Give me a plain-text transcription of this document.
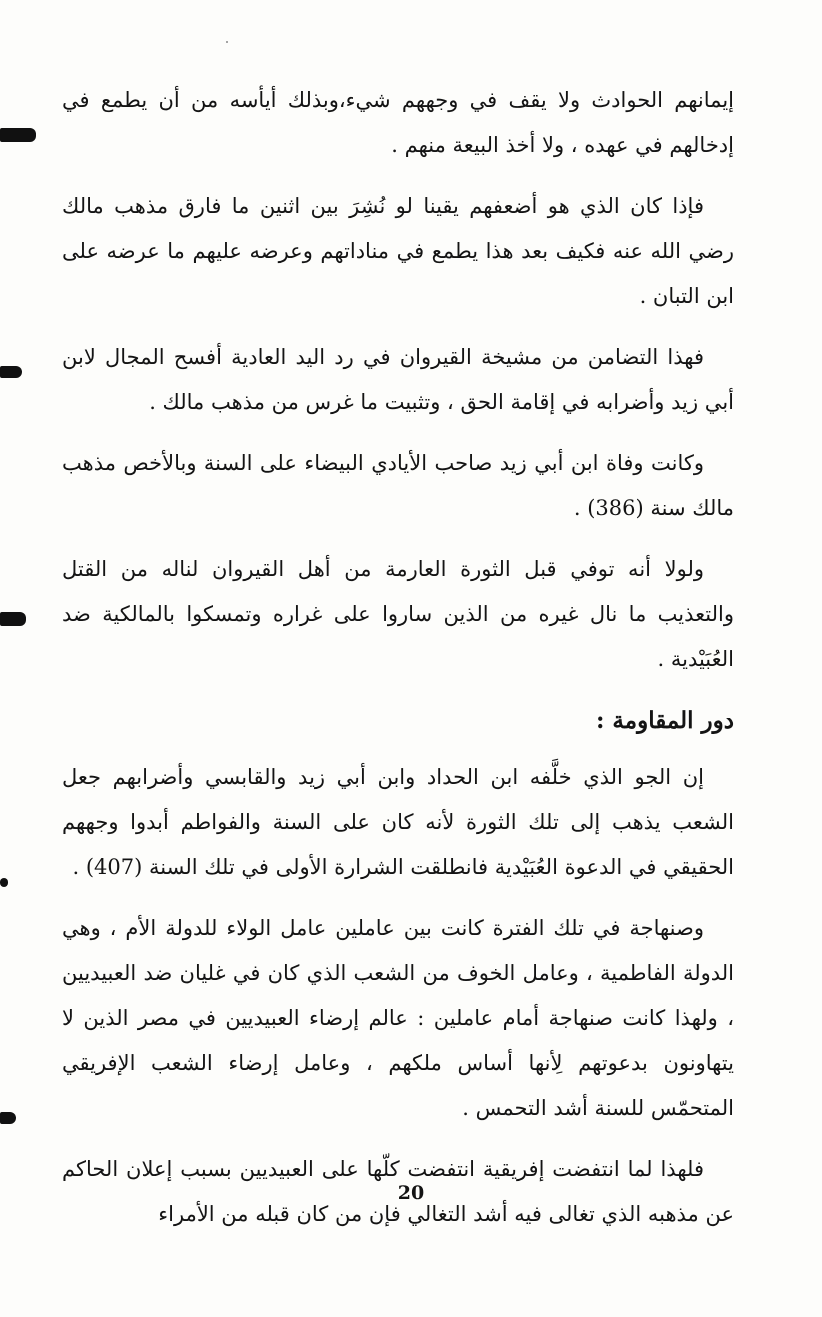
إيمانهم الحوادث ولا يقف في وجههم شيء،وبذلك أيأسه من أن يطمع في إدخالهم في عهده ، ولا أخذ البيعة منهم .

فإذا كان الذي هو أضعفهم يقينا لو نُشِرَ بين اثنين ما فارق مذهب مالك رضي الله عنه فكيف بعد هذا يطمع في مناداتهم وعرضه عليهم ما عرضه على ابن التبان .

فهذا التضامن من مشيخة القيروان في رد اليد العادية أفسح المجال لابن أبي زيد وأضرابه في إقامة الحق ، وتثبيت ما غرس من مذهب مالك .

وكانت وفاة ابن أبي زيد صاحب الأيادي البيضاء على السنة وبالأخص مذهب مالك سنة (386) .

ولولا أنه توفي قبل الثورة العارمة من أهل القيروان لناله من القتل والتعذيب ما نال غيره من الذين ساروا على غراره وتمسكوا بالمالكية ضد العُبَيْدية .

دور المقاومة :

إن الجو الذي خلَّفه ابن الحداد وابن أبي زيد والقابسي وأضرابهم جعل الشعب يذهب إلى تلك الثورة لأنه كان على السنة والفواطم أبدوا وجههم الحقيقي في الدعوة العُبَيْدية فانطلقت الشرارة الأولى في تلك السنة (407) .

وصنهاجة في تلك الفترة كانت بين عاملين عامل الولاء للدولة الأم ، وهي الدولة الفاطمية ، وعامل الخوف من الشعب الذي كان في غليان ضد العبيديين ، ولهذا كانت صنهاجة أمام عاملين : عالم إرضاء العبيديين في مصر الذين لا يتهاونون بدعوتهم لِأنها أساس ملكهم ، وعامل إرضاء الشعب الإفريقي المتحمّس للسنة أشد التحمس .

فلهذا لما انتفضت إفريقية انتفضت كلّها على العبيديين بسبب إعلان الحاكم عن مذهبه الذي تغالى فيه أشد التغالي فإن من كان قبله من الأمراء

20
